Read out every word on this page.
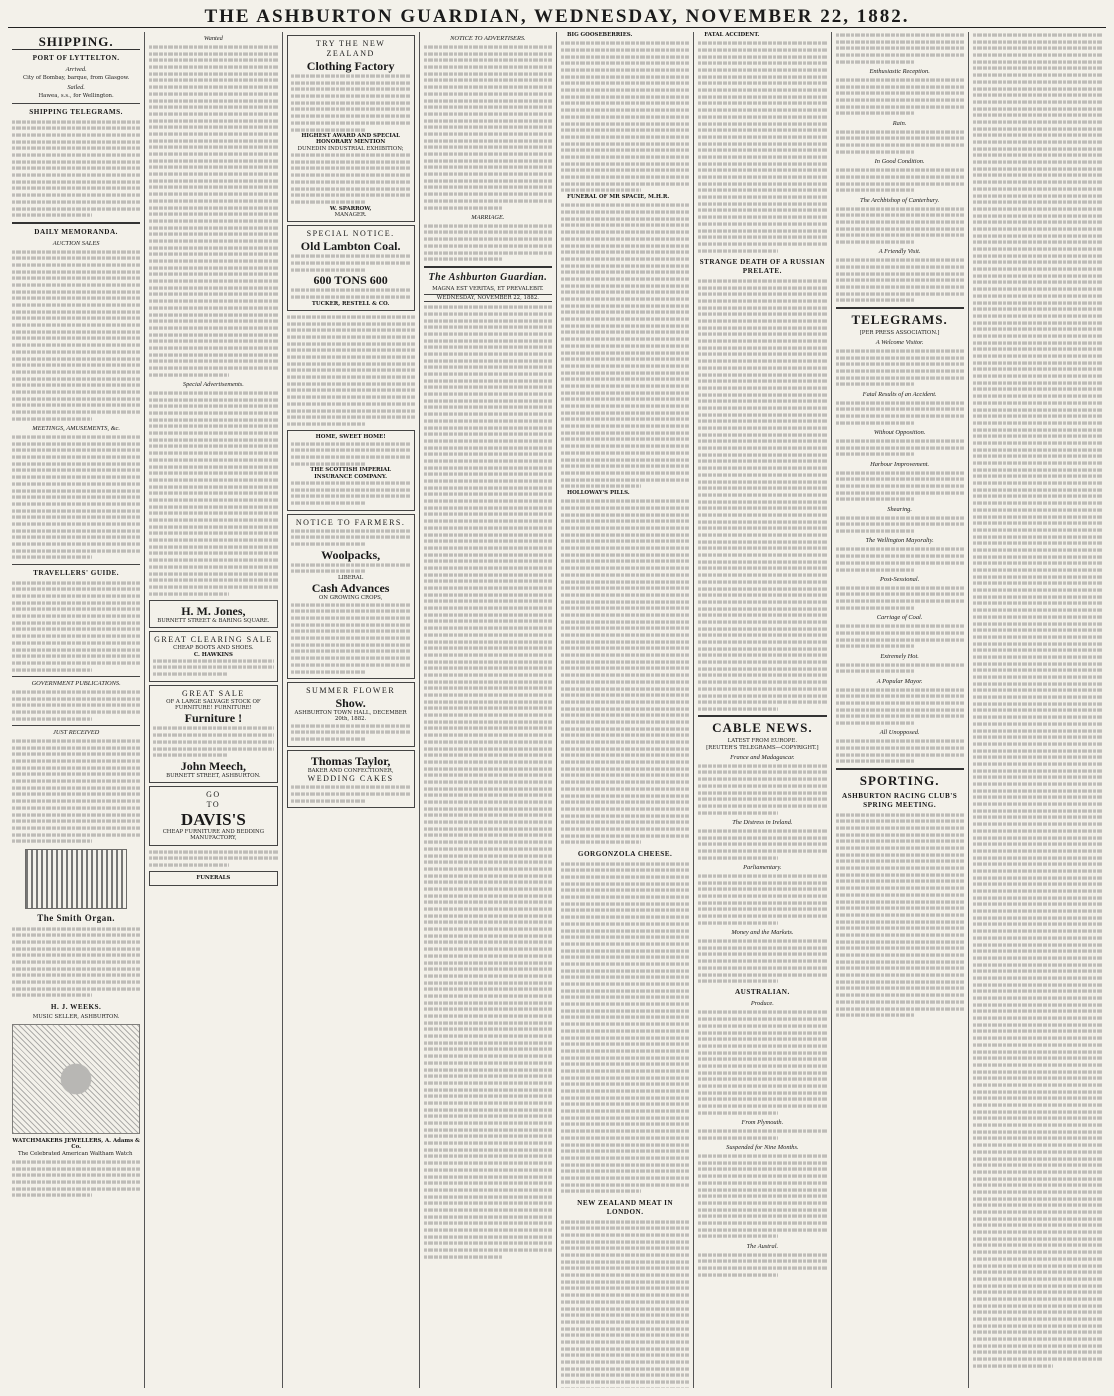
THE ASHBURTON GUARDIAN, WEDNESDAY, NOVEMBER 22, 1882.
SHIPPING.
PORT OF LYTTELTON.
Arrived.
City of Bombay, barque, from Glasgow.
Sailed.
Hawea, s.s., for Wellington.
SHIPPING TELEGRAMS.
DAILY MEMORANDA.
AUCTION SALES
MEETINGS, AMUSEMENTS, &c.
TRAVELLERS' GUIDE.
GOVERNMENT PUBLICATIONS.
JUST RECEIVED
The Smith Organ.
H. J. WEEKS.
MUSIC SELLER, ASHBURTON.
WATCHMAKERS JEWELLERS, A. Adams & Co.
The Celebrated American Waltham Watch
Wanted
Special Advertisements.
H. M. Jones,
BURNETT STREET & BARING SQUARE.
GREAT CLEARING SALE
CHEAP BOOTS AND SHOES.
C. HAWKINS
GREAT SALE
OF A LARGE SALVAGE STOCK OF
FURNITURE! FURNITURE!
Furniture !
John Meech,
BURNETT STREET, ASHBURTON.
GO
TO
DAVIS'S
CHEAP FURNITURE AND BEDDING MANUFACTORY,
FUNERALS
TRY THE NEW ZEALAND
Clothing Factory
HIGHEST AWARD AND SPECIAL HONORARY MENTION
DUNEDIN INDUSTRIAL EXHIBITION;
W. SPARROW,
MANAGER.
SPECIAL NOTICE.
Old Lambton Coal.
600 TONS 600
TUCKER, RESTELL & CO.
HOME, SWEET HOME!
THE SCOTTISH IMPERIAL INSURANCE COMPANY.
NOTICE TO FARMERS.
Woolpacks,
LIBERAL
Cash Advances
ON GROWING CROPS,
SUMMER FLOWER
Show.
ASHBURTON TOWN HALL, DECEMBER 20th, 1882.
Thomas Taylor,
BAKER AND CONFECTIONER,
WEDDING CAKES
NOTICE TO ADVERTISERS.
MARRIAGE.
The Ashburton Guardian.
MAGNA EST VERITAS, ET PREVALEBIT.
WEDNESDAY, NOVEMBER 22, 1882.
BIG GOOSEBERRIES.
FUNERAL OF MR SPACIE, M.H.R.
HOLLOWAY'S PILLS.
GORGONZOLA CHEESE.
NEW ZEALAND MEAT IN LONDON.
FATAL ACCIDENT.
STRANGE DEATH OF A RUSSIAN PRELATE.
CABLE NEWS.
LATEST FROM EUROPE.
[REUTER'S TELEGRAMS—COPYRIGHT.]
France and Madagascar.
The Distress in Ireland.
Parliamentary.
Money and the Markets.
AUSTRALIAN.
Produce.
From Plymouth.
Suspended for Nine Months.
The Austral.
Enthusiastic Reception.
Rain.
In Good Condition.
The Archbishop of Canterbury.
A Friendly Visit.
TELEGRAMS.
[PER PRESS ASSOCIATION.]
A Welcome Visitor.
Fatal Results of an Accident.
Without Opposition.
Harbour Improvement.
Shearing.
The Wellington Mayoralty.
Post-Sessional.
Carriage of Coal.
Extremely Hot.
A Popular Mayor.
All Unopposed.
SPORTING.
ASHBURTON RACING CLUB'S SPRING MEETING.
